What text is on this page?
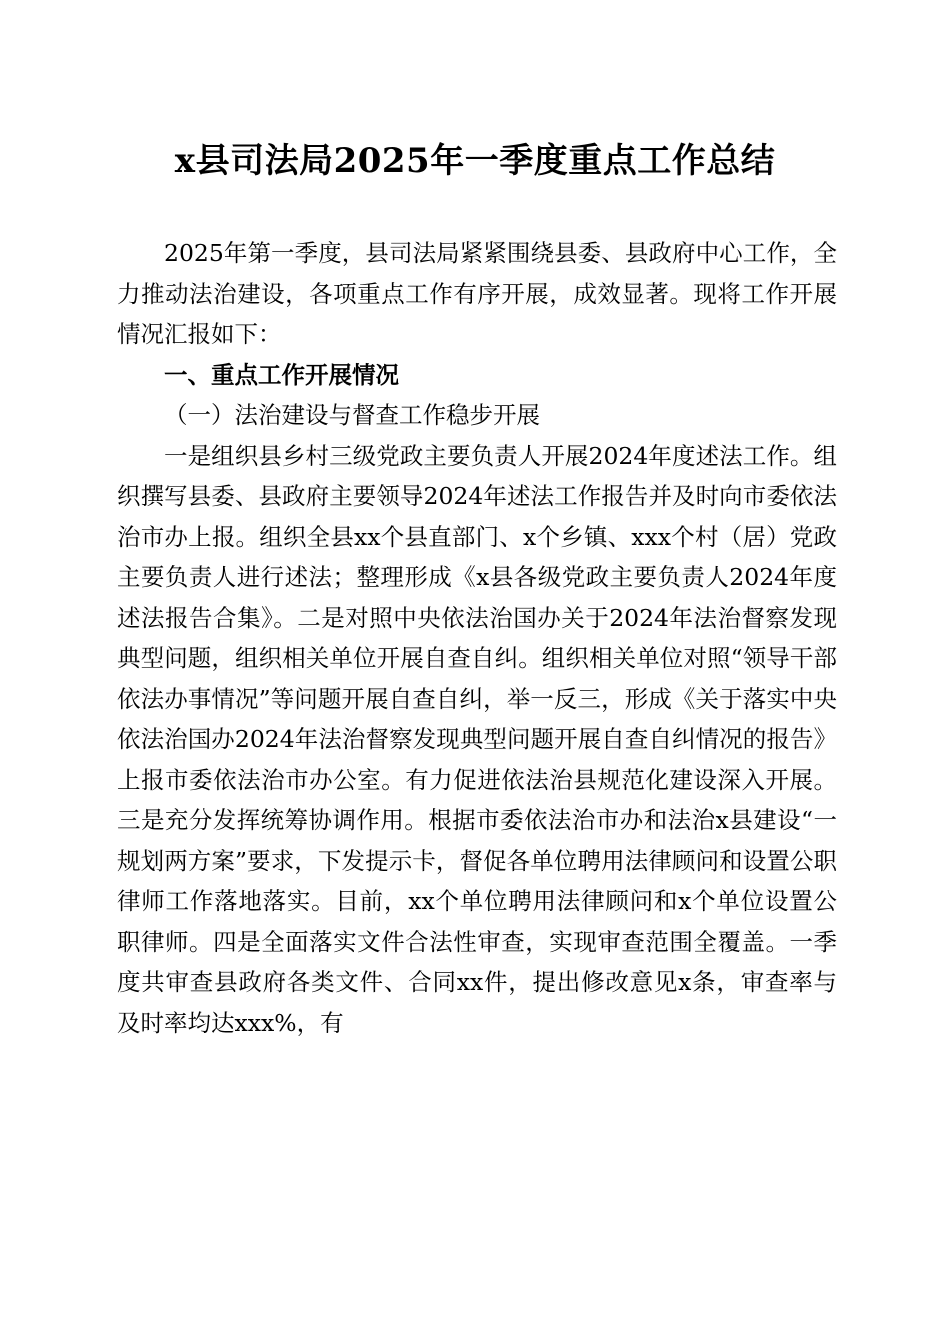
x县司法局2025年一季度重点工作总结

2025年第一季度，县司法局紧紧围绕县委、县政府中心工作，全力推动法治建设，各项重点工作有序开展，成效显著。现将工作开展情况汇报如下：

一、重点工作开展情况

（一）法治建设与督查工作稳步开展

一是组织县乡村三级党政主要负责人开展2024年度述法工作。组织撰写县委、县政府主要领导2024年述法工作报告并及时向市委依法治市办上报。组织全县xx个县直部门、x个乡镇、xxx个村（居）党政主要负责人进行述法；整理形成《x县各级党政主要负责人2024年度述法报告合集》。二是对照中央依法治国办关于2024年法治督察发现典型问题，组织相关单位开展自查自纠。组织相关单位对照“领导干部依法办事情况”等问题开展自查自纠，举一反三，形成《关于落实中央依法治国办2024年法治督察发现典型问题开展自查自纠情况的报告》上报市委依法治市办公室。有力促进依法治县规范化建设深入开展。三是充分发挥统筹协调作用。根据市委依法治市办和法治x县建设“一规划两方案”要求，下发提示卡，督促各单位聘用法律顾问和设置公职律师工作落地落实。目前，xx个单位聘用法律顾问和x个单位设置公职律师。四是全面落实文件合法性审查，实现审查范围全覆盖。一季度共审查县政府各类文件、合同xx件，提出修改意见x条，审查率与及时率均达xxx%，有
